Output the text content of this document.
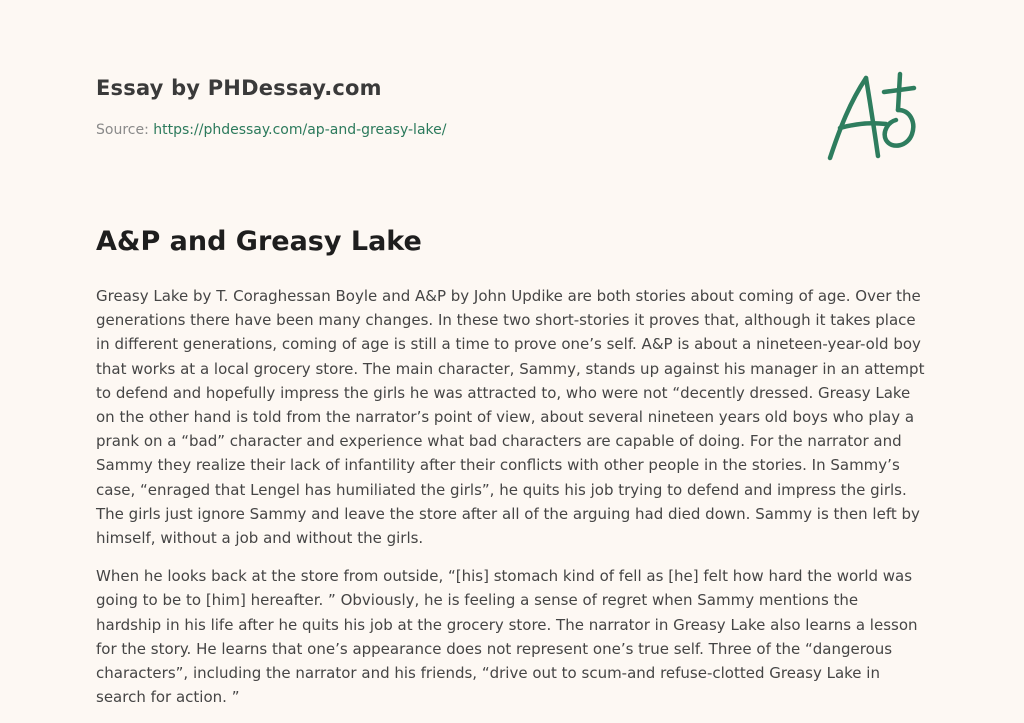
Essay by PHDessay.com
Source: https://phdessay.com/ap-and-greasy-lake/
A&P and Greasy Lake

Greasy Lake by T. Coraghessan Boyle and A&P by John Updike are both stories about coming of age. Over the generations there have been many changes. In these two short-stories it proves that, although it takes place in different generations, coming of age is still a time to prove one’s self. A&P is about a nineteen-year-old boy that works at a local grocery store. The main character, Sammy, stands up against his manager in an attempt to defend and hopefully impress the girls he was attracted to, who were not “decently dressed. Greasy Lake on the other hand is told from the narrator’s point of view, about several nineteen years old boys who play a prank on a “bad” character and experience what bad characters are capable of doing. For the narrator and Sammy they realize their lack of infantility after their conflicts with other people in the stories. In Sammy’s case, “enraged that Lengel has humiliated the girls”, he quits his job trying to defend and impress the girls. The girls just ignore Sammy and leave the store after all of the arguing had died down. Sammy is then left by himself, without a job and without the girls.

When he looks back at the store from outside, “[his] stomach kind of fell as [he] felt how hard the world was going to be to [him] hereafter. ” Obviously, he is feeling a sense of regret when Sammy mentions the hardship in his life after he quits his job at the grocery store. The narrator in Greasy Lake also learns a lesson for the story. He learns that one’s appearance does not represent one’s true self. Three of the “dangerous characters”, including the narrator and his friends, “drive out to scum-and refuse-clotted Greasy Lake in search for action. ”
